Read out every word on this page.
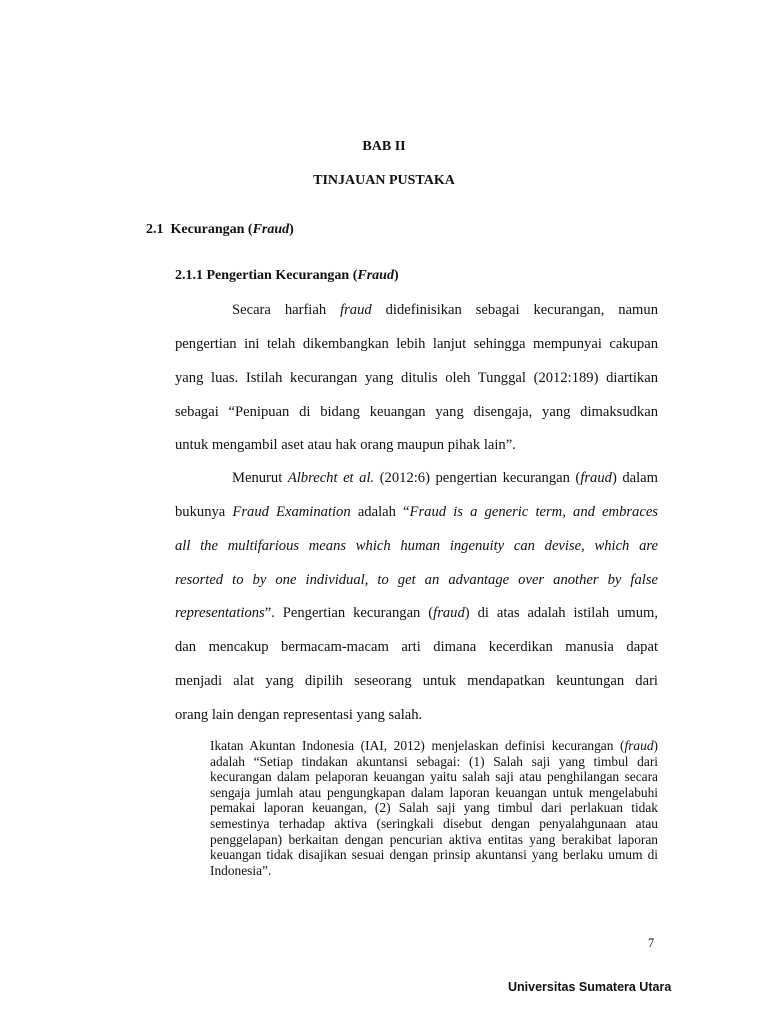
BAB II
TINJAUAN PUSTAKA
2.1 Kecurangan (Fraud)
2.1.1 Pengertian Kecurangan (Fraud)
Secara harfiah fraud didefinisikan sebagai kecurangan, namun
pengertian ini telah dikembangkan lebih lanjut sehingga mempunyai cakupan
yang luas. Istilah kecurangan yang ditulis oleh Tunggal (2012:189) diartikan
sebagai “Penipuan di bidang keuangan yang disengaja, yang dimaksudkan
untuk mengambil aset atau hak orang maupun pihak lain”.
Menurut Albrecht et al. (2012:6) pengertian kecurangan (fraud) dalam
bukunya Fraud Examination adalah “Fraud is a generic term, and embraces
all the multifarious means which human ingenuity can devise, which are
resorted to by one individual, to get an advantage over another by false
representations”. Pengertian kecurangan (fraud) di atas adalah istilah umum,
dan mencakup bermacam-macam arti dimana kecerdikan manusia dapat
menjadi alat yang dipilih seseorang untuk mendapatkan keuntungan dari
orang lain dengan representasi yang salah.
Ikatan Akuntan Indonesia (IAI, 2012) menjelaskan definisi kecurangan (fraud) adalah “Setiap tindakan akuntansi sebagai: (1) Salah saji yang timbul dari kecurangan dalam pelaporan keuangan yaitu salah saji atau penghilangan secara sengaja jumlah atau pengungkapan dalam laporan keuangan untuk mengelabuhi pemakai laporan keuangan, (2) Salah saji yang timbul dari perlakuan tidak semestinya terhadap aktiva (seringkali disebut dengan penyalahgunaan atau penggelapan) berkaitan dengan pencurian aktiva entitas yang berakibat laporan keuangan tidak disajikan sesuai dengan prinsip akuntansi yang berlaku umum di Indonesia”.
7
Universitas Sumatera Utara
